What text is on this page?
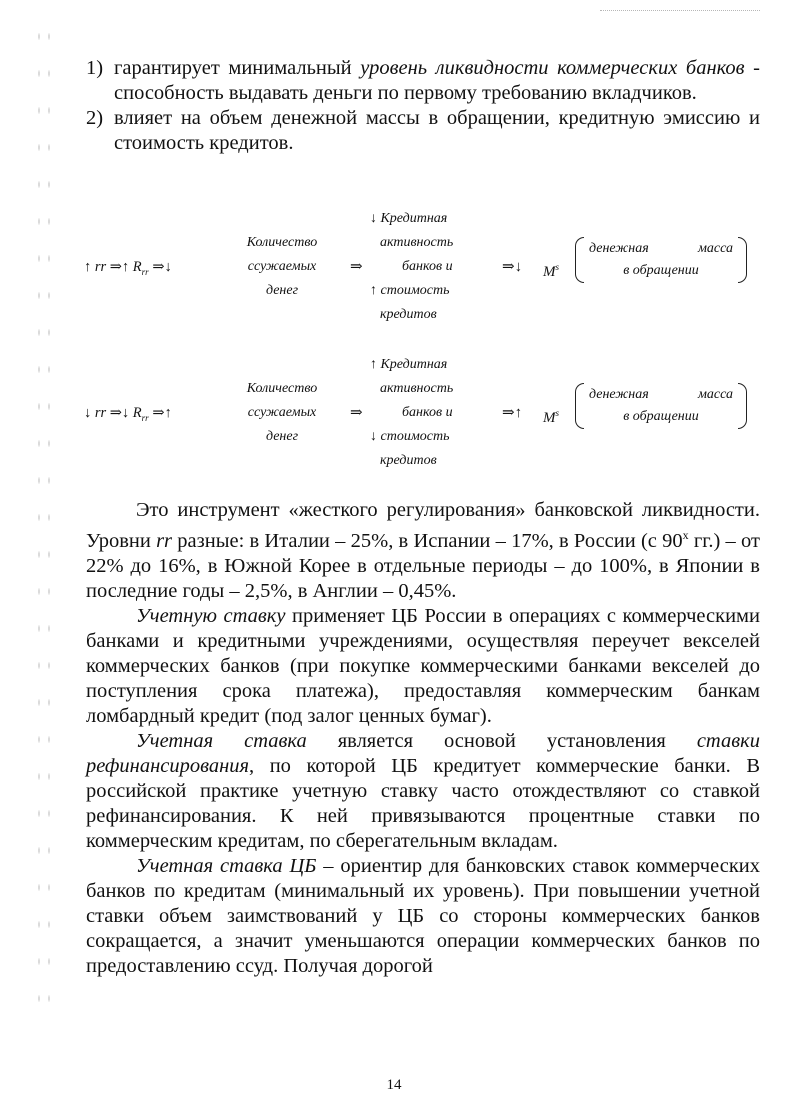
1) гарантирует минимальный уровень ликвидности коммерческих банков - способность выдавать деньги по первому требованию вкладчиков.
2) влияет на объем денежной массы в обращении, кредитную эмиссию и стоимость кредитов.
↑ rr ⇒↑ $R_{rr}$ ⇒↓
Количество
ссужаемых
денег
⇒
↓ Кредитная
активность
банков и
↑ стоимость
кредитов
⇒↓ $M^s$
денежная	масса
в обращении
↓ rr ⇒↓ $R_{rr}$ ⇒↑
Количество
ссужаемых
денег
⇒
↑ Кредитная
активность
банков и
↓ стоимость
кредитов
⇒↑ $M^s$
денежная	масса
в обращении

Это инструмент «жесткого регулирования» банковской ликвидности. Уровни rr разные: в Италии – 25%, в Испании – 17%, в России (с $90^х$ гг.) – от 22% до 16%, в Южной Корее в отдельные периоды – до 100%, в Японии в последние годы – 2,5%, в Англии – 0,45%.

Учетную ставку применяет ЦБ России в операциях с коммерческими банками и кредитными учреждениями, осуществляя переучет векселей коммерческих банков (при покупке коммерческими банками векселей до поступления срока платежа), предоставляя коммерческим банкам ломбардный кредит (под залог ценных бумаг).

Учетная ставка является основой установления ставки рефинансирования, по которой ЦБ кредитует коммерческие банки. В российской практике учетную ставку часто отождествляют со ставкой рефинансирования. К ней привязываются процентные ставки по коммерческим кредитам, по сберегательным вкладам.

Учетная ставка ЦБ – ориентир для банковских ставок коммерческих банков по кредитам (минимальный их уровень). При повышении учетной ставки объем заимствований у ЦБ со стороны коммерческих банков сокращается, а значит уменьшаются операции коммерческих банков по предоставлению ссуд. Получая дорогой

14
